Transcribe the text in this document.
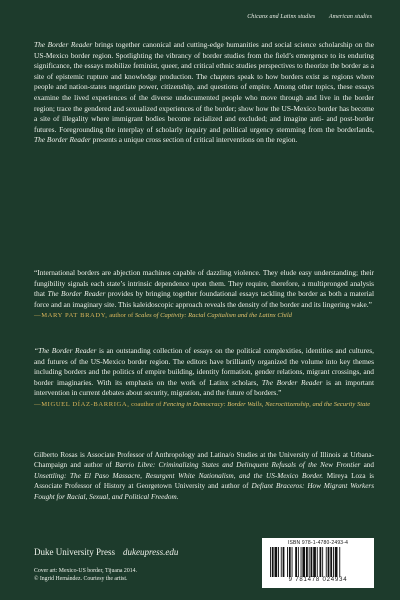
Chicanx and Latinx studies American studies

The Border Reader brings together canonical and cutting-edge humanities and social science scholarship on the US-Mexico border region. Spotlighting the vibrancy of border studies from the field’s emergence to its enduring significance, the essays mobilize feminist, queer, and critical ethnic studies perspectives to theorize the border as a site of epistemic rupture and knowledge production. The chapters speak to how borders exist as regions where people and nation-states negotiate power, citizenship, and questions of empire. Among other topics, these essays examine the lived experiences of the diverse undocumented people who move through and live in the border region; trace the gendered and sexualized experiences of the border; show how the US-Mexico border has become a site of illegality where immigrant bodies become racialized and excluded; and imagine anti- and post-border futures. Foregrounding the interplay of scholarly inquiry and political urgency stemming from the borderlands, The Border Reader presents a unique cross section of critical interventions on the region.

“International borders are abjection machines capable of dazzling violence. They elude easy understanding; their fungibility signals each state’s intrinsic dependence upon them. They require, therefore, a multipronged analysis that The Border Reader provides by bringing together foundational essays tackling the border as both a material force and an imaginary site. This kaleidoscopic approach reveals the density of the border and its lingering wake.”
—MARY PAT BRADY, author of Scales of Captivity: Racial Capitalism and the Latinx Child
“The Border Reader is an outstanding collection of essays on the political complexities, identities and cultures, and futures of the US-Mexico border region. The editors have brilliantly organized the volume into key themes including borders and the politics of empire building, identity formation, gender relations, migrant crossings, and border imaginaries. With its emphasis on the work of Latinx scholars, The Border Reader is an important intervention in current debates about security, migration, and the future of borders.”
—MIGUEL DÍAZ-BARRIGA, coauthor of Fencing in Democracy: Border Walls, Necrocitizenship, and the Security State
Gilberto Rosas is Associate Professor of Anthropology and Latina/o Studies at the University of Illinois at Urbana-Champaign and author of Barrio Libre: Criminalizing States and Delinquent Refusals of the New Frontier and Unsettling: The El Paso Massacre, Resurgent White Nationalism, and the US-Mexico Border. Mireya Loza is Associate Professor of History at Georgetown University and author of Defiant Braceros: How Migrant Workers Fought for Racial, Sexual, and Political Freedom.
Duke University Press dukeupress.edu
Cover art: Mexico-US border, Tijuana 2014.
© Ingrid Hernández. Courtesy the artist.
ISBN 978-1-4780-2493-4
9 781478 024934
